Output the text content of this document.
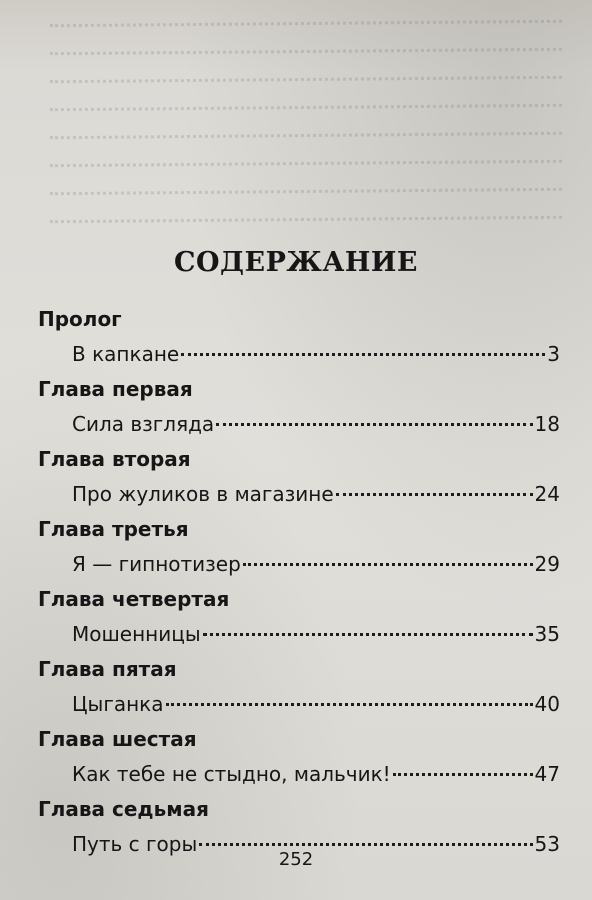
СОДЕРЖАНИЕ
Пролог
В капкане	3
Глава первая
Сила взгляда	18
Глава вторая
Про жуликов в магазине	24
Глава третья
Я — гипнотизер	29
Глава четвертая
Мошенницы	35
Глава пятая
Цыганка	40
Глава шестая
Как тебе не стыдно, мальчик!	47
Глава седьмая
Путь с горы	53
252
